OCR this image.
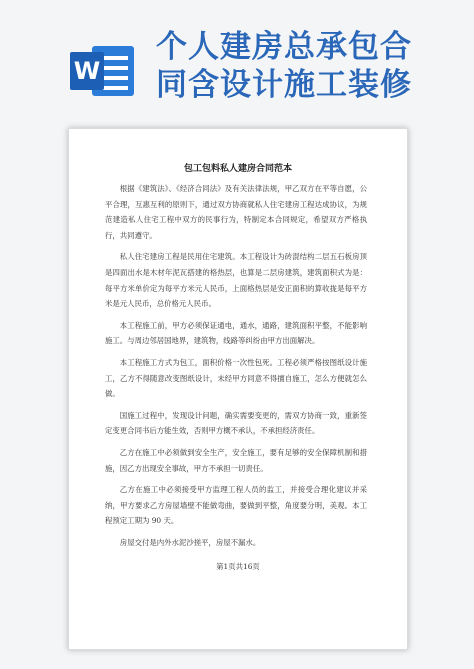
W
个人建房总承包合
同含设计施工装修
包工包料私人建房合同范本

根据《建筑法》、《经济合同法》及有关法律法规，甲乙双方在平等自愿，公平合理，互惠互利的原则下，通过双方协商就私人住宅建房工程达成协议，为规范建造私人住宅工程中双方的民事行为，特制定本合同规定，希望双方严格执行，共同遵守。

私人住宅建房工程是民用住宅建筑。本工程设计为砖混结构二层五石板房顶是四面出水是木材年泥瓦搭建的格热层，也算是二层房建筑，建筑面积式为是：每平方米单价定为每平方米元人民币，上面格热层是安正面积的算收拢是每平方米是元人民币，总价格元人民币。

本工程施工前，甲方必须保证通电，通水，通路，建筑面积平整，不能影响施工。与周边邻居国地界，建筑物，线路等纠纷由甲方出面解决。

本工程施工方式为包工，面积价格一次性包死。工程必须严格按图纸设计施工，乙方不得随意改变图纸设计，未经甲方同意不得擅自施工，怎么方便就怎么做。

国施工过程中，发现设计问题，确实需要变更的，需双方协商一致，重新签定变更合同书后方能生效，否则甲方概不承认，不承担经济责任。

乙方在施工中必须做到安全生产，安全施工，要有足够的安全保障机制和措施，因乙方出现安全事故，甲方不承担一切责任。

乙方在施工中必须接受甲方监理工程人员的监工，并接受合理化建议并采纳，甲方要求乙方房屋墙壁不能做弯曲，要做到平整，角度要分明，美观。本工程预定工期为 90 天。

房屋交付是内外水泥沙搓平，房屋不漏水。

第1页共16页
